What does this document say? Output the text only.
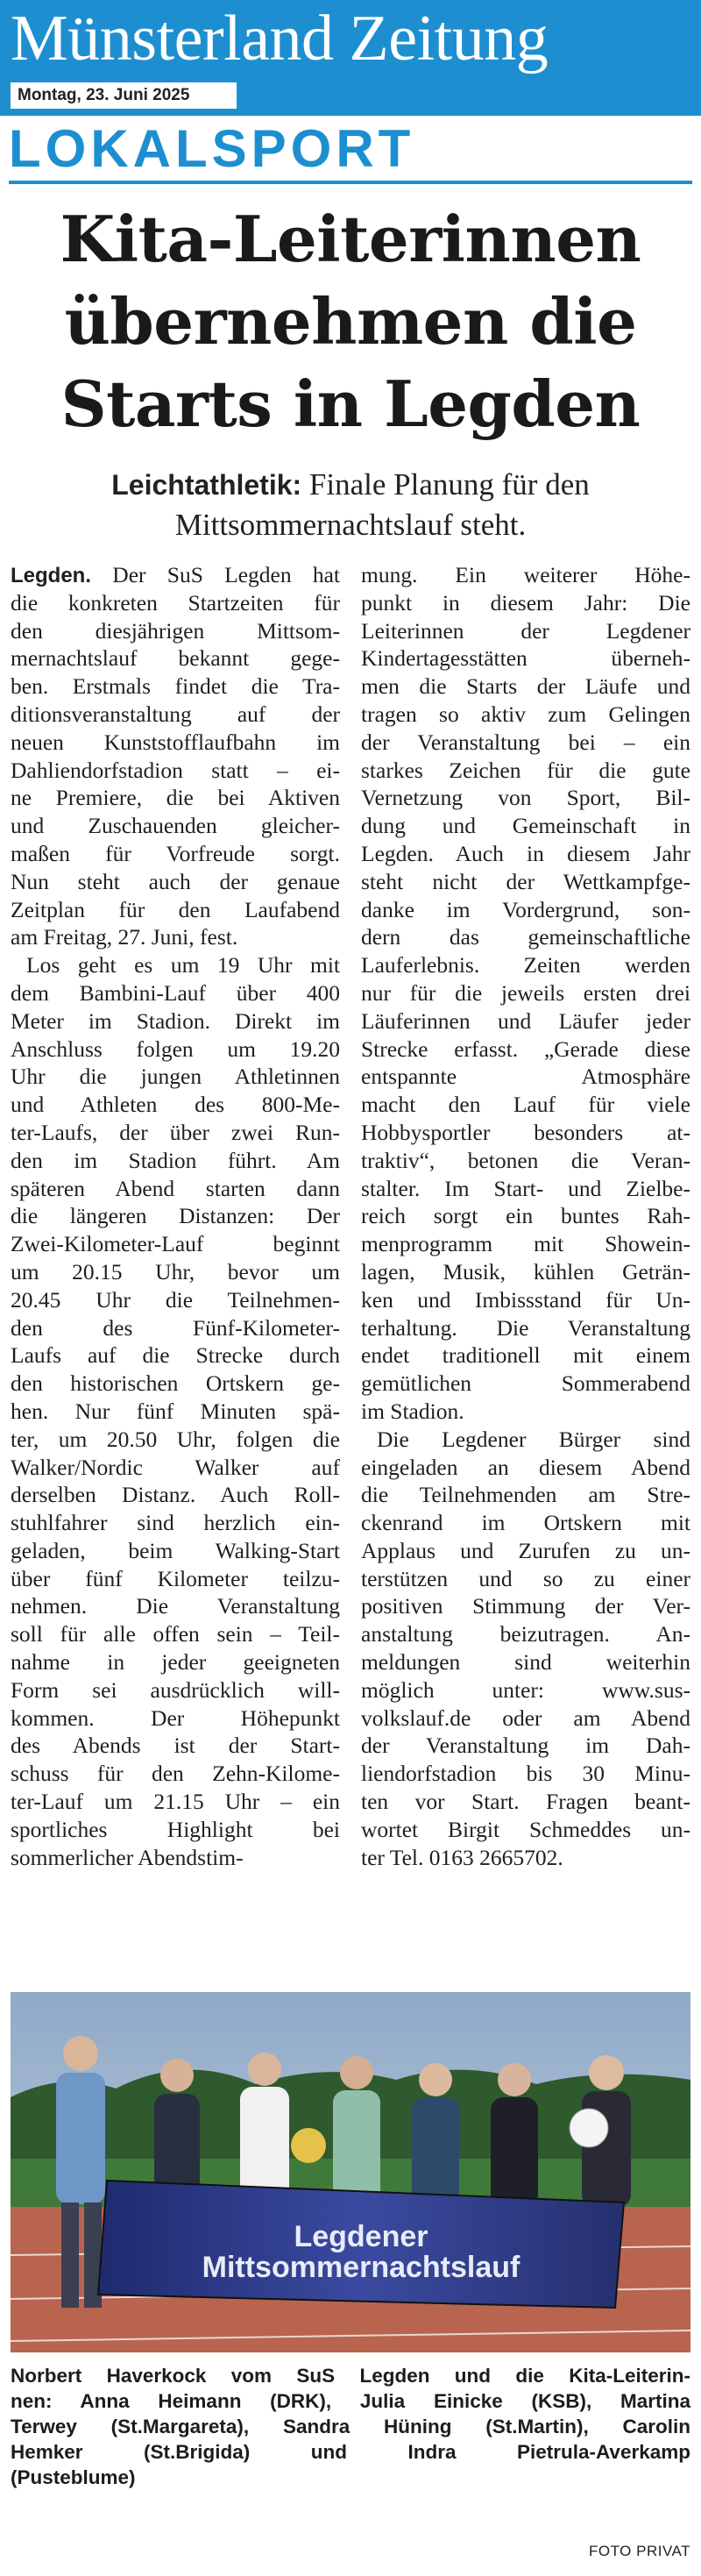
Münsterland Zeitung
Montag, 23. Juni 2025
LOKALSPORT
Kita-Leiterinnen
übernehmen die
Starts in Legden
Leichtathletik: Finale Planung für den
Mittsommernachtslauf steht.
Legden. Der SuS Legden hat
die konkreten Startzeiten für
den diesjährigen Mittsom-
mernachtslauf bekannt gege-
ben. Erstmals findet die Tra-
ditionsveranstaltung auf der
neuen Kunststofflaufbahn im
Dahliendorfstadion statt – ei-
ne Premiere, die bei Aktiven
und Zuschauenden gleicher-
maßen für Vorfreude sorgt.
Nun steht auch der genaue
Zeitplan für den Laufabend
am Freitag, 27. Juni, fest.
Los geht es um 19 Uhr mit
dem Bambini-Lauf über 400
Meter im Stadion. Direkt im
Anschluss folgen um 19.20
Uhr die jungen Athletinnen
und Athleten des 800-Me-
ter-Laufs, der über zwei Run-
den im Stadion führt. Am
späteren Abend starten dann
die längeren Distanzen: Der
Zwei-Kilometer-Lauf beginnt
um 20.15 Uhr, bevor um
20.45 Uhr die Teilnehmen-
den des Fünf-Kilometer-
Laufs auf die Strecke durch
den historischen Ortskern ge-
hen. Nur fünf Minuten spä-
ter, um 20.50 Uhr, folgen die
Walker/Nordic Walker auf
derselben Distanz. Auch Roll-
stuhlfahrer sind herzlich ein-
geladen, beim Walking-Start
über fünf Kilometer teilzu-
nehmen. Die Veranstaltung
soll für alle offen sein – Teil-
nahme in jeder geeigneten
Form sei ausdrücklich will-
kommen. Der Höhepunkt
des Abends ist der Start-
schuss für den Zehn-Kilome-
ter-Lauf um 21.15 Uhr – ein
sportliches Highlight bei
sommerlicher Abendstim-
mung. Ein weiterer Höhe-
punkt in diesem Jahr: Die
Leiterinnen der Legdener
Kindertagesstätten überneh-
men die Starts der Läufe und
tragen so aktiv zum Gelingen
der Veranstaltung bei – ein
starkes Zeichen für die gute
Vernetzung von Sport, Bil-
dung und Gemeinschaft in
Legden. Auch in diesem Jahr
steht nicht der Wettkampfge-
danke im Vordergrund, son-
dern das gemeinschaftliche
Lauferlebnis. Zeiten werden
nur für die jeweils ersten drei
Läuferinnen und Läufer jeder
Strecke erfasst. „Gerade diese
entspannte Atmosphäre
macht den Lauf für viele
Hobbysportler besonders at-
traktiv“, betonen die Veran-
stalter. Im Start- und Zielbe-
reich sorgt ein buntes Rah-
menprogramm mit Showein-
lagen, Musik, kühlen Geträn-
ken und Imbissstand für Un-
terhaltung. Die Veranstaltung
endet traditionell mit einem
gemütlichen Sommerabend
im Stadion.
Die Legdener Bürger sind
eingeladen an diesem Abend
die Teilnehmenden am Stre-
ckenrand im Ortskern mit
Applaus und Zurufen zu un-
terstützen und so zu einer
positiven Stimmung der Ver-
anstaltung beizutragen. An-
meldungen sind weiterhin
möglich unter: www.sus-
volkslauf.de oder am Abend
der Veranstaltung im Dah-
liendorfstadion bis 30 Minu-
ten vor Start. Fragen beant-
wortet Birgit Schmeddes un-
ter Tel. 0163 2665702.
Legdener
Mittsommernachtslauf
Norbert Haverkock vom SuS Legden und die Kita-Leiterin-
nen: Anna Heimann (DRK), Julia Einicke (KSB), Martina
Terwey (St.Margareta), Sandra Hüning (St.Martin), Carolin
Hemker (St.Brigida) und Indra Pietrula-Averkamp
(Pusteblume)
FOTO PRIVAT
